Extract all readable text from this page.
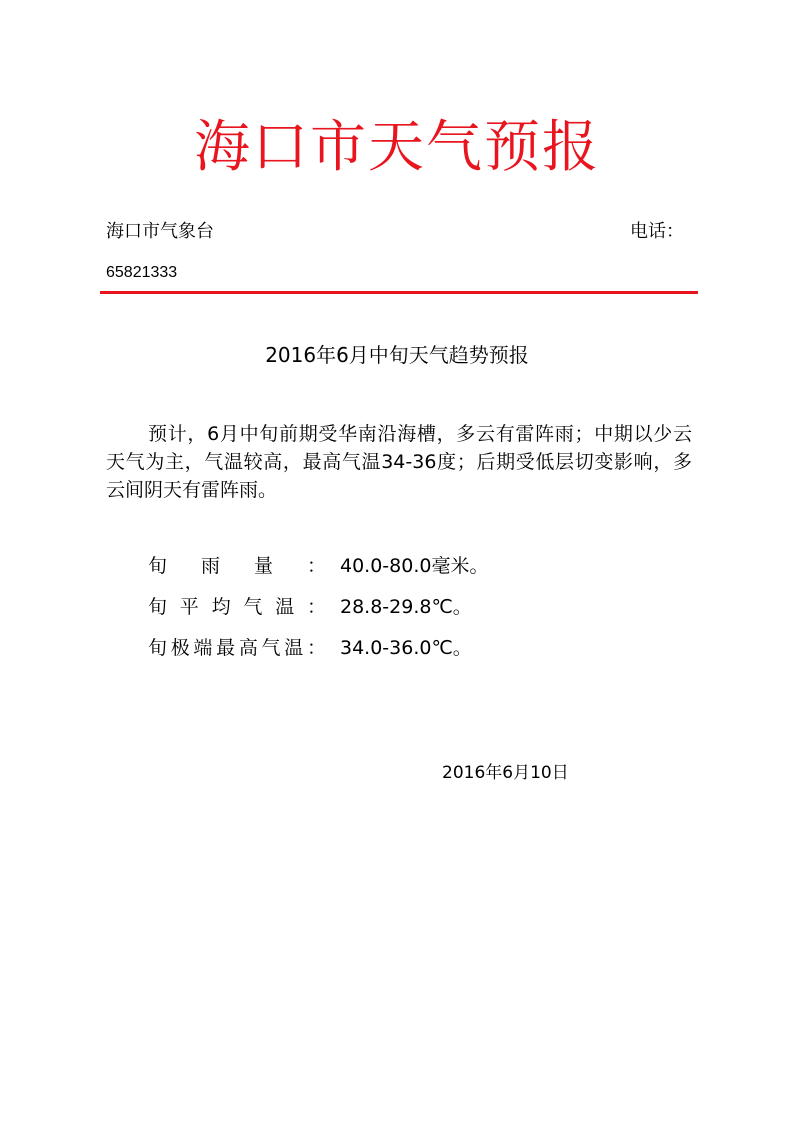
海口市天气预报
海口市气象台	电话：
65821333
2016年6月中旬天气趋势预报
预计，6月中旬前期受华南沿海槽，多云有雷阵雨；中期以少云天气为主，气温较高，最高气温34-36度；后期受低层切变影响，多云间阴天有雷阵雨。
旬雨量： 40.0-80.0毫米。
旬平均气温： 28.8-29.8℃。
旬极端最高气温： 34.0-36.0℃。
2016年6月10日
